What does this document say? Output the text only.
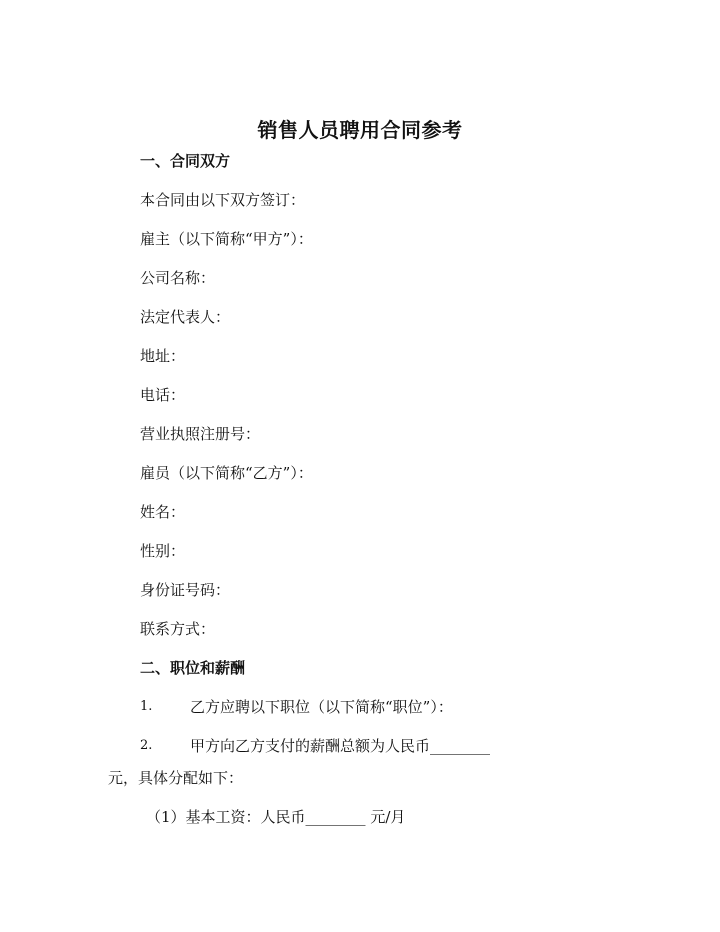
销售人员聘用合同参考
一、合同双方
本合同由以下双方签订：
雇主（以下简称“甲方”）：
公司名称：
法定代表人：
地址：
电话：
营业执照注册号：
雇员（以下简称“乙方”）：
姓名：
性别：
身份证号码：
联系方式：
二、职位和薪酬
1.	乙方应聘以下职位（以下简称“职位”）：
2.	甲方向乙方支付的薪酬总额为人民币________
元，具体分配如下：
（1）基本工资：人民币________ 元/月
